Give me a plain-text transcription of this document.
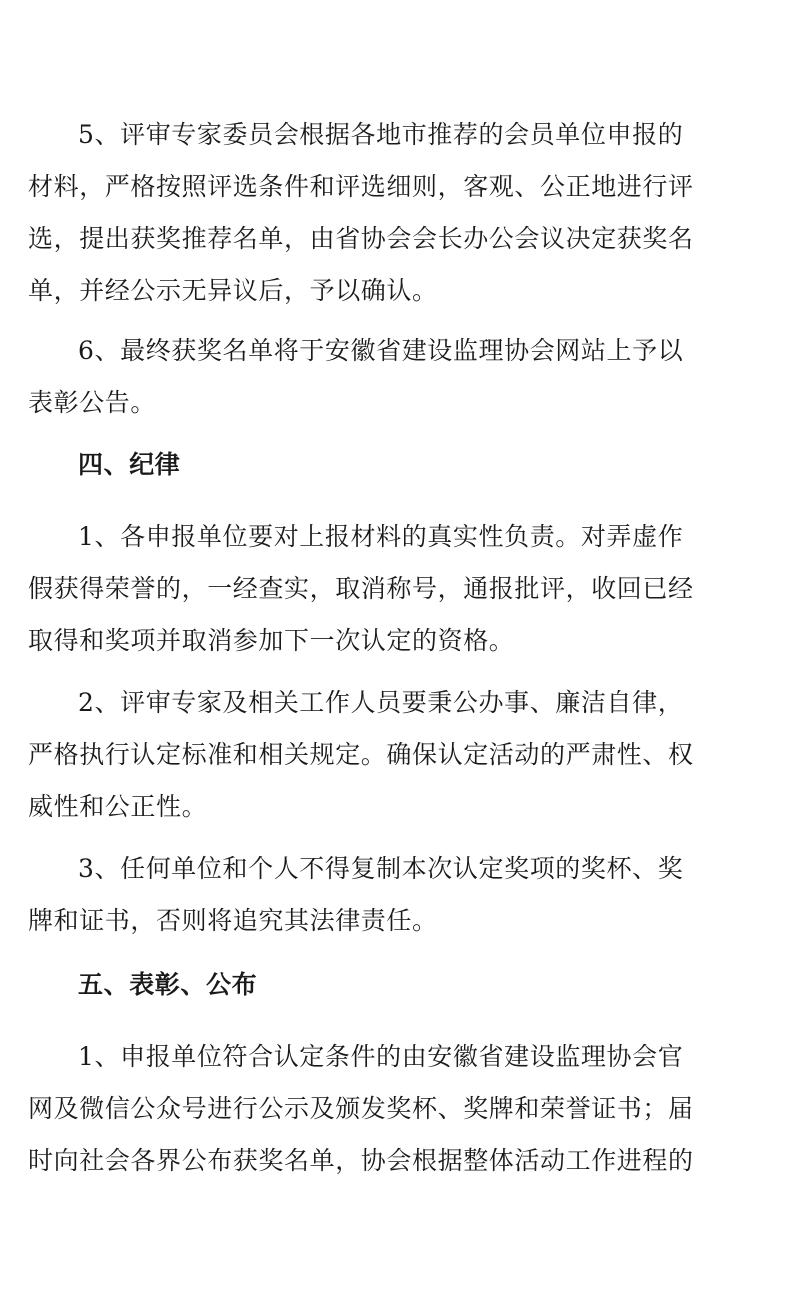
5、评审专家委员会根据各地市推荐的会员单位申报的
材料，严格按照评选条件和评选细则，客观、公正地进行评
选，提出获奖推荐名单，由省协会会长办公会议决定获奖名
单，并经公示无异议后，予以确认。
6、最终获奖名单将于安徽省建设监理协会网站上予以
表彰公告。
四、纪律
1、各申报单位要对上报材料的真实性负责。对弄虚作
假获得荣誉的，一经查实，取消称号，通报批评，收回已经
取得和奖项并取消参加下一次认定的资格。
2、评审专家及相关工作人员要秉公办事、廉洁自律，
严格执行认定标准和相关规定。确保认定活动的严肃性、权
威性和公正性。
3、任何单位和个人不得复制本次认定奖项的奖杯、奖
牌和证书，否则将追究其法律责任。
五、表彰、公布
1、申报单位符合认定条件的由安徽省建设监理协会官
网及微信公众号进行公示及颁发奖杯、奖牌和荣誉证书；届
时向社会各界公布获奖名单，协会根据整体活动工作进程的
